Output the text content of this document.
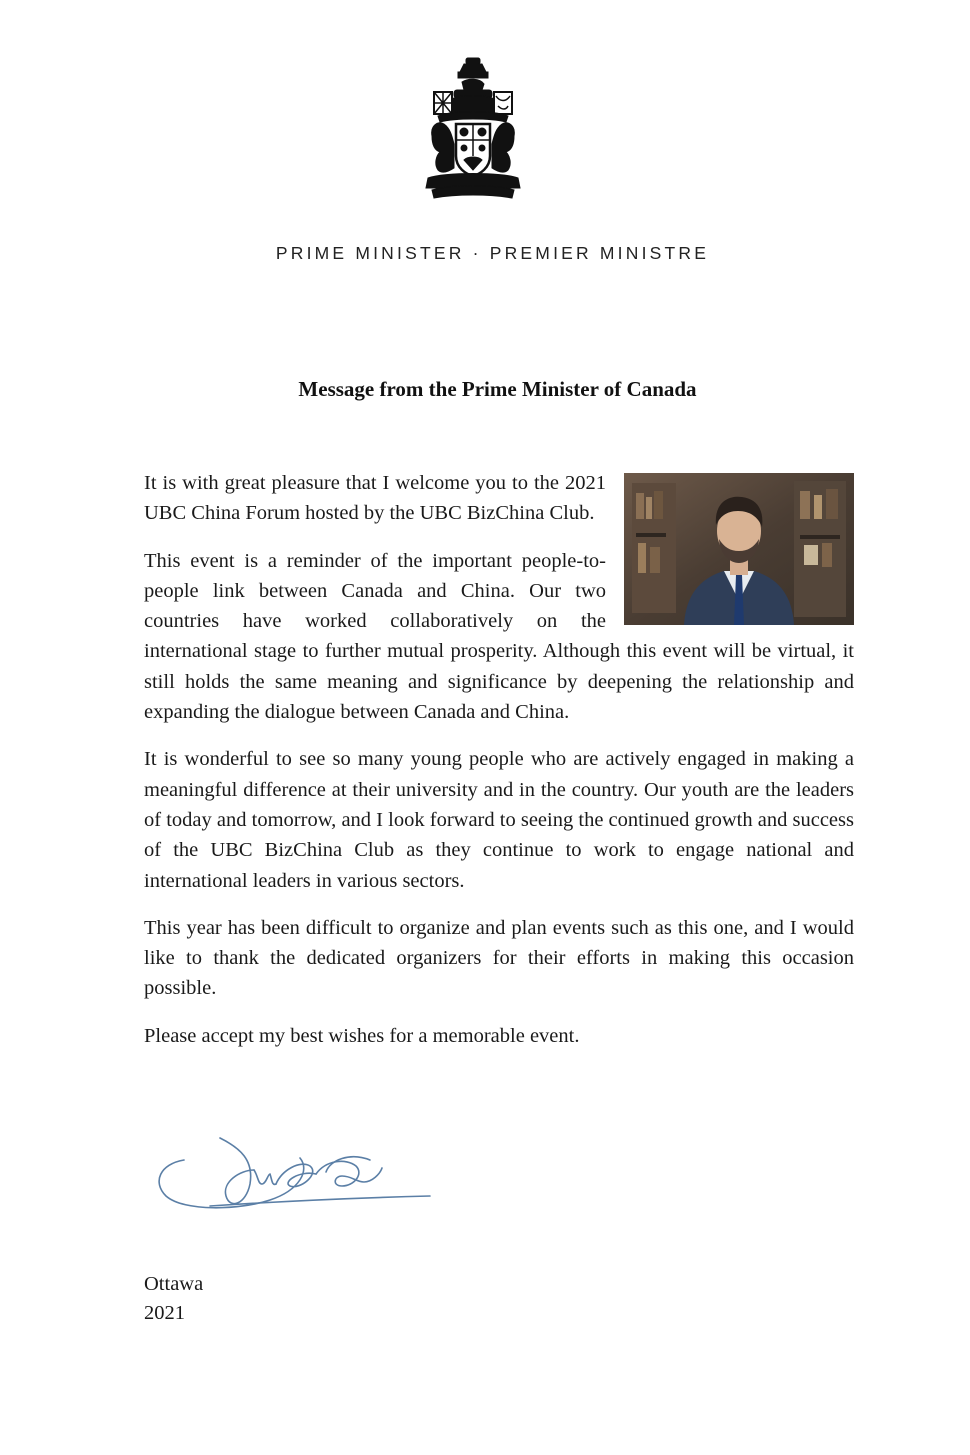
PRIME MINISTER · PREMIER MINISTRE
Message from the Prime Minister of Canada

It is with great pleasure that I welcome you to the 2021 UBC China Forum hosted by the UBC BizChina Club.

This event is a reminder of the important people-to-people link between Canada and China. Our two countries have worked collaboratively on the international stage to further mutual prosperity. Although this event will be virtual, it still holds the same meaning and significance by deepening the relationship and expanding the dialogue between Canada and China.

It is wonderful to see so many young people who are actively engaged in making a meaningful difference at their university and in the country. Our youth are the leaders of today and tomorrow, and I look forward to seeing the continued growth and success of the UBC BizChina Club as they continue to work to engage national and international leaders in various sectors.

This year has been difficult to organize and plan events such as this one, and I would like to thank the dedicated organizers for their efforts in making this occasion possible.

Please accept my best wishes for a memorable event.

Ottawa
2021
